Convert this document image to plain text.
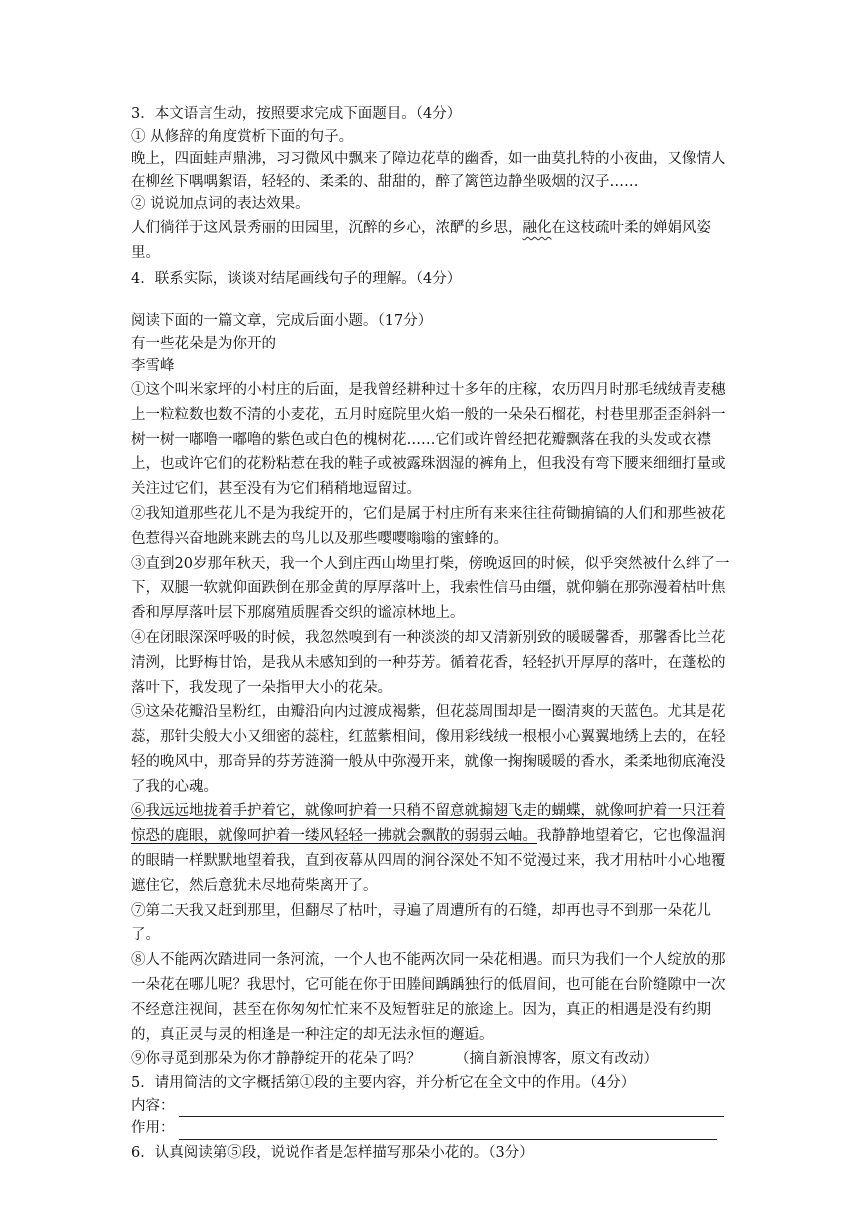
3．本文语言生动，按照要求完成下面题目。（4分）

① 从修辞的角度赏析下面的句子。

晚上，四面蛙声鼎沸，习习微风中飘来了障边花草的幽香，如一曲莫扎特的小夜曲，又像情人在柳丝下喁喁絮语，轻轻的、柔柔的、甜甜的，醉了篱笆边静坐吸烟的汉子……

② 说说加点词的表达效果。

人们徜徉于这风景秀丽的田园里，沉醉的乡心，浓酽的乡思，融化在这枝疏叶柔的婵娟风姿里。

4．联系实际，谈谈对结尾画线句子的理解。（4分）

阅读下面的一篇文章，完成后面小题。（17分）

有一些花朵是为你开的

李雪峰

①这个叫米家坪的小村庄的后面，是我曾经耕种过十多年的庄稼，农历四月时那毛绒绒青麦穗上一粒粒数也数不清的小麦花，五月时庭院里火焰一般的一朵朵石榴花，村巷里那歪歪斜斜一树一树一嘟噜一嘟噜的紫色或白色的槐树花……它们或许曾经把花瓣飘落在我的头发或衣襟上，也或许它们的花粉粘惹在我的鞋子或被露珠洇湿的裤角上，但我没有弯下腰来细细打量或关注过它们，甚至没有为它们稍稍地逗留过。

②我知道那些花儿不是为我绽开的，它们是属于村庄所有来来往往荷锄掮镐的人们和那些被花色惹得兴奋地跳来跳去的鸟儿以及那些嘤嘤嗡嗡的蜜蜂的。

③直到20岁那年秋天，我一个人到庄西山坳里打柴，傍晚返回的时候，似乎突然被什么绊了一下，双腿一软就仰面跌倒在那金黄的厚厚落叶上，我索性信马由缰，就仰躺在那弥漫着枯叶焦香和厚厚落叶层下那腐殖质腥香交织的谧凉林地上。

④在闭眼深深呼吸的时候，我忽然嗅到有一种淡淡的却又清新别致的暖暖馨香，那馨香比兰花清洌，比野梅甘饴，是我从未感知到的一种芬芳。循着花香，轻轻扒开厚厚的落叶，在蓬松的落叶下，我发现了一朵指甲大小的花朵。

⑤这朵花瓣沿呈粉红，由瓣沿向内过渡成褐紫，但花蕊周围却是一圈清爽的天蓝色。尤其是花蕊，那针尖般大小又细密的蕊柱，红蓝紫相间，像用彩线绒一根根小心翼翼地绣上去的，在轻轻的晚风中，那奇异的芬芳涟漪一般从中弥漫开来，就像一掬掬暖暖的香水，柔柔地彻底淹没了我的心魂。

⑥我远远地拢着手护着它，就像呵护着一只稍不留意就搧翅飞走的蝴蝶，就像呵护着一只汪着惊恐的鹿眼，就像呵护着一缕风轻轻一拂就会飘散的弱弱云岫。我静静地望着它，它也像温润的眼睛一样默默地望着我，直到夜幕从四周的涧谷深处不知不觉漫过来，我才用枯叶小心地覆遮住它，然后意犹未尽地荷柴离开了。

⑦第二天我又赶到那里，但翻尽了枯叶，寻遍了周遭所有的石缝，却再也寻不到那一朵花儿了。

⑧人不能两次踏进同一条河流，一个人也不能两次同一朵花相遇。而只为我们一个人绽放的那一朵花在哪儿呢？我思忖，它可能在你于田塍间踽踽独行的低眉间，也可能在台阶缝隙中一次不经意注视间，甚至在你匆匆忙忙来不及短暂驻足的旅途上。因为，真正的相遇是没有约期的，真正灵与灵的相逢是一种注定的却无法永恒的邂逅。

⑨你寻觅到那朵为你才静静绽开的花朵了吗？ （摘自新浪博客，原文有改动）

5．请用简洁的文字概括第①段的主要内容，并分析它在全文中的作用。（4分）

内容：
作用：

6．认真阅读第⑤段，说说作者是怎样描写那朵小花的。（3分）
